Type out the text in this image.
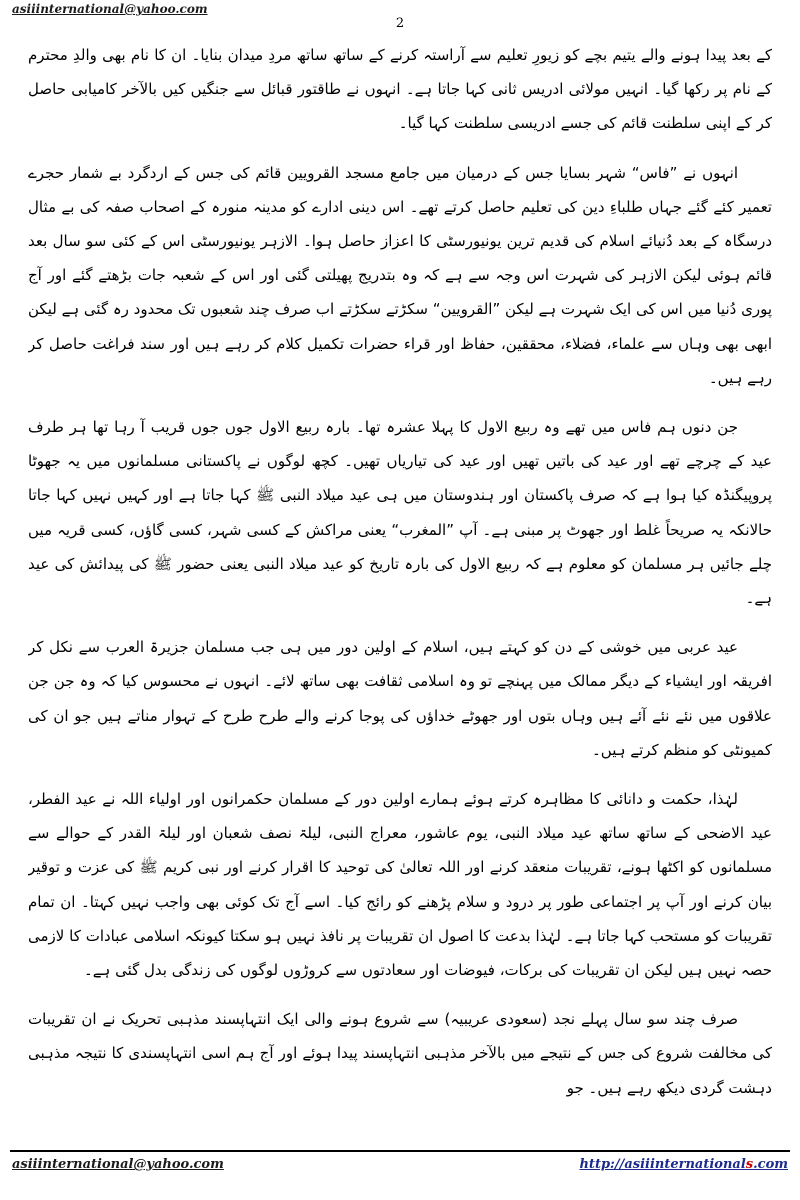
asiiinternational@yahoo.com
2

کے بعد پیدا ہونے والے یتیم بچے کو زیورِ تعلیم سے آراستہ کرنے کے ساتھ ساتھ مردِ میدان بنایا۔ ان کا نام بھی والدِ محترم کے نام پر رکھا گیا۔ انہیں مولائی ادریس ثانی کہا جاتا ہے۔ انہوں نے طاقتور قبائل سے جنگیں کیں بالآخر کامیابی حاصل کر کے اپنی سلطنت قائم کی جسے ادریسی سلطنت کہا گیا۔

انہوں نے ”فاس“ شہر بسایا جس کے درمیان میں جامع مسجد القرویین قائم کی جس کے اردگرد بے شمار حجرے تعمیر کئے گئے جہاں طلباءِ دین کی تعلیم حاصل کرتے تھے۔ اس دینی ادارے کو مدینہ منورہ کے اصحاب صفہ کی بے مثال درسگاہ کے بعد دُنیائے اسلام کی قدیم ترین یونیورسٹی کا اعزاز حاصل ہوا۔ الازہر یونیورسٹی اس کے کئی سو سال بعد قائم ہوئی لیکن الازہر کی شہرت اس وجہ سے ہے کہ وہ بتدریج پھیلتی گئی اور اس کے شعبہ جات بڑھتے گئے اور آج پوری دُنیا میں اس کی ایک شہرت ہے لیکن ”القرویین“ سکڑتے سکڑتے اب صرف چند شعبوں تک محدود رہ گئی ہے لیکن ابھی بھی وہاں سے علماء، فضلاء، محققین، حفاظ اور قراء حضرات تکمیل کلام کر رہے ہیں اور سند فراغت حاصل کر رہے ہیں۔

جن دنوں ہم فاس میں تھے وہ ربیع الاول کا پہلا عشرہ تھا۔ بارہ ربیع الاول جوں جوں قریب آ رہا تھا ہر طرف عید کے چرچے تھے اور عید کی باتیں تھیں اور عید کی تیاریاں تھیں۔ کچھ لوگوں نے پاکستانی مسلمانوں میں یہ جھوٹا پروپیگنڈہ کیا ہوا ہے کہ صرف پاکستان اور ہندوستان میں ہی عید میلاد النبی ﷺ کہا جاتا ہے اور کہیں نہیں کہا جاتا حالانکہ یہ صریحاً غلط اور جھوٹ پر مبنی ہے۔ آپ ”المغرب“ یعنی مراکش کے کسی شہر، کسی گاؤں، کسی قریہ میں چلے جائیں ہر مسلمان کو معلوم ہے کہ ربیع الاول کی بارہ تاریخ کو عید میلاد النبی یعنی حضور ﷺ کی پیدائش کی عید ہے۔

عید عربی میں خوشی کے دن کو کہتے ہیں، اسلام کے اولین دور میں ہی جب مسلمان جزیرۃ العرب سے نکل کر افریقہ اور ایشیاء کے دیگر ممالک میں پہنچے تو وہ اسلامی ثقافت بھی ساتھ لائے۔ انہوں نے محسوس کیا کہ وہ جن جن علاقوں میں نئے نئے آئے ہیں وہاں بتوں اور جھوٹے خداؤں کی پوجا کرنے والے طرح طرح کے تہوار مناتے ہیں جو ان کی کمیونٹی کو منظم کرتے ہیں۔

لہٰذا، حکمت و دانائی کا مظاہرہ کرتے ہوئے ہمارے اولین دور کے مسلمان حکمرانوں اور اولیاء اللہ نے عید الفطر، عید الاضحی کے ساتھ ساتھ عید میلاد النبی، یوم عاشور، معراج النبی، لیلۃ نصف شعبان اور لیلۃ القدر کے حوالے سے مسلمانوں کو اکٹھا ہونے، تقریبات منعقد کرنے اور اللہ تعالیٰ کی توحید کا اقرار کرنے اور نبی کریم ﷺ کی عزت و توقیر بیان کرنے اور آپ پر اجتماعی طور پر درود و سلام پڑھنے کو رائج کیا۔ اسے آج تک کوئی بھی واجب نہیں کہتا۔ ان تمام تقریبات کو مستحب کہا جاتا ہے۔ لہٰذا بدعت کا اصول ان تقریبات پر نافذ نہیں ہو سکتا کیونکہ اسلامی عبادات کا لازمی حصہ نہیں ہیں لیکن ان تقریبات کی برکات، فیوضات اور سعادتوں سے کروڑوں لوگوں کی زندگی بدل گئی ہے۔

صرف چند سو سال پہلے نجد (سعودی عریبیہ) سے شروع ہونے والی ایک انتہاپسند مذہبی تحریک نے ان تقریبات کی مخالفت شروع کی جس کے نتیجے میں بالآخر مذہبی انتہاپسند پیدا ہوئے اور آج ہم اسی انتہاپسندی کا نتیجہ مذہبی دہشت گردی دیکھ رہے ہیں۔ جو

asiiinternational@yahoo.com	http://asiiinternationals.com
